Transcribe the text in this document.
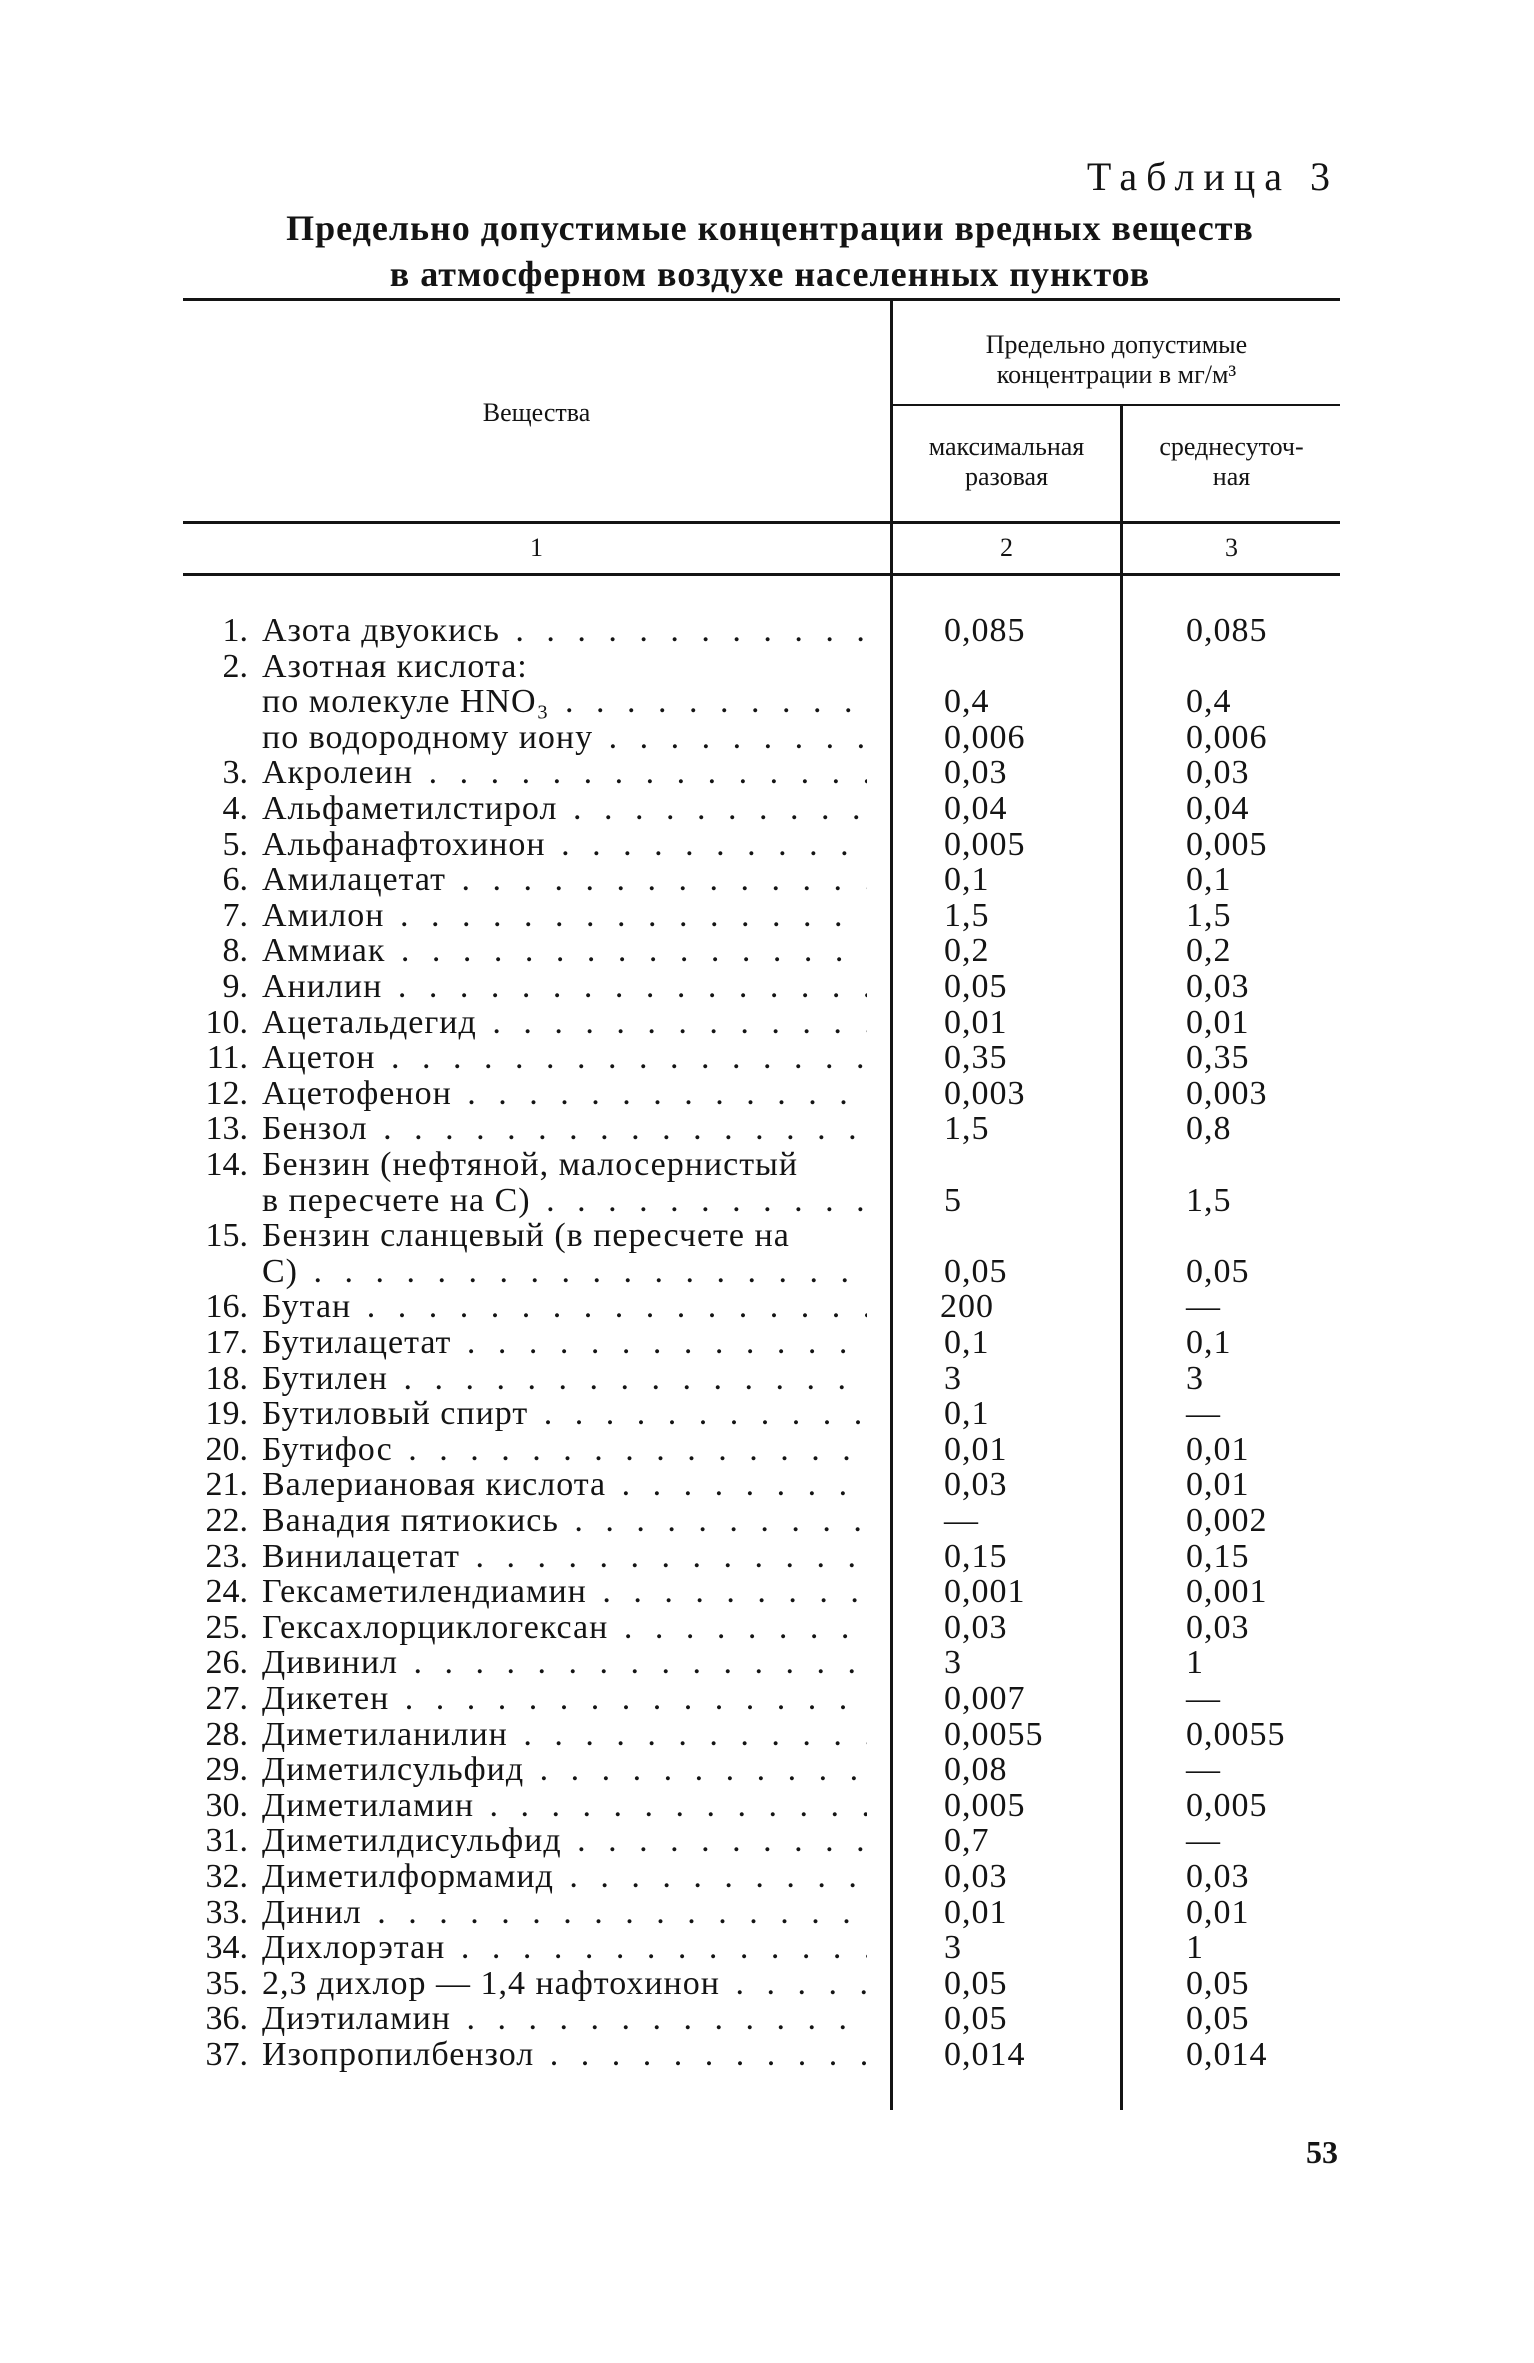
Таблица 3
Предельно допустимые концентрации вредных веществ
в атмосферном воздухе населенных пунктов
Вещества
Предельно допустимые
концентрации в мг/м³
максимальная
разовая
среднесуточ-
ная
1	2	3
1. Азота двуокись . . .	0,085	0,085
2. Азотная кислота:
по молекуле HNO₃ . . .	0,4	0,4
по водородному иону . . .	0,006	0,006
3. Акролеин . . .	0,03	0,03
4. Альфаметилстирол . . .	0,04	0,04
5. Альфанафтохинон . . .	0,005	0,005
6. Амилацетат . . .	0,1	0,1
7. Амилон . . .	1,5	1,5
8. Аммиак . . .	0,2	0,2
9. Анилин . . .	0,05	0,03
10. Ацетальдегид . . .	0,01	0,01
11. Ацетон . . .	0,35	0,35
12. Ацетофенон . . .	0,003	0,003
13. Бензол . . .	1,5	0,8
14. Бензин (нефтяной, малосернистый
в пересчете на С) . . .	5	1,5
15. Бензин сланцевый (в пересчете на
С) . . .	0,05	0,05
16. Бутан . . .	200	—
17. Бутилацетат . . .	0,1	0,1
18. Бутилен . . .	3	3
19. Бутиловый спирт . . .	0,1	—
20. Бутифос . . .	0,01	0,01
21. Валериановая кислота . . .	0,03	0,01
22. Ванадия пятиокись . . .	—	0,002
23. Винилацетат . . .	0,15	0,15
24. Гексаметилендиамин . . .	0,001	0,001
25. Гексахлорциклогексан . . .	0,03	0,03
26. Дивинил . . .	3	1
27. Дикетен . . .	0,007	—
28. Диметиланилин . . .	0,0055	0,0055
29. Диметилсульфид . . .	0,08	—
30. Диметиламин . . .	0,005	0,005
31. Диметилдисульфид . . .	0,7	—
32. Диметилформамид . . .	0,03	0,03
33. Динил . . .	0,01	0,01
34. Дихлорэтан . . .	3	1
35. 2,3 дихлор — 1,4 нафтохинон . . .	0,05	0,05
36. Диэтиламин . . .	0,05	0,05
37. Изопропилбензол . . .	0,014	0,014
53
